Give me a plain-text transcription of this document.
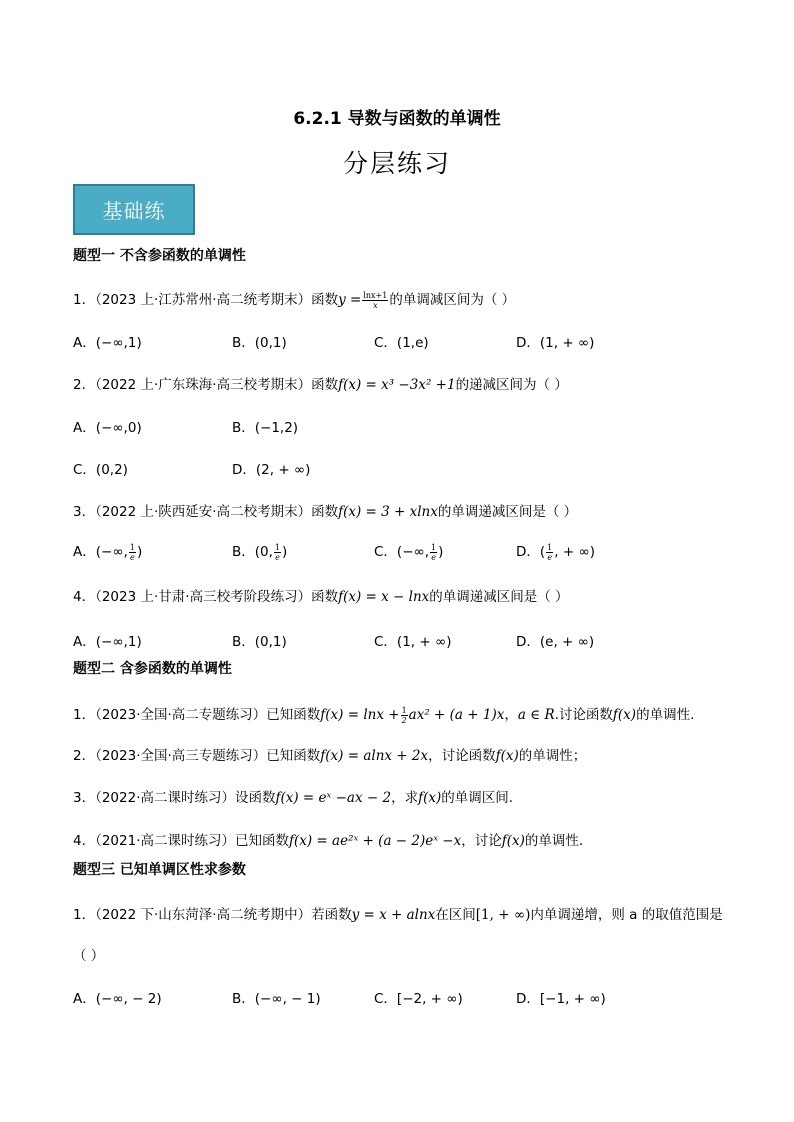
6.2.1 导数与函数的单调性
分层练习
基础练
题型一 不含参函数的单调性
1．（2023 上·江苏常州·高二统考期末）函数$y = \frac{\ln x+1}{x}$ 的单调减区间为（ ）
A．(−∞,1)	B．(0,1)	C．(1,e)	D．(1, + ∞)
2．（2022 上·广东珠海·高三校考期末）函数f(x) = x³ −3x² +1的递减区间为（ ）
A．(−∞,0)	B．(−1,2)
C．(0,2)	D．(2, + ∞)
3．（2022 上·陕西延安·高二校考期末）函数f(x) = 3 + xlnx的单调递减区间是（ ）
A．(−∞, $\frac{1}{e}$ )	B．(0, $\frac{1}{e}$ )	C．(−∞, $\frac{1}{e}$ )	D．( $\frac{1}{e}$ , + ∞)
4．（2023 上·甘肃·高三校考阶段练习）函数f(x) = x − lnx的单调递减区间是（ ）
A．(−∞,1)	B．(0,1)	C．(1, + ∞)	D．(e, + ∞)
题型二 含参函数的单调性
1．（2023·全国·高二专题练习）已知函数$f(x) = \ln x + \frac{1}{2} ax^2 + (a + 1)x$，a ∈ R.讨论函数f(x)的单调性.
2．（2023·全国·高三专题练习）已知函数f(x) = alnx + 2x，讨论函数f(x)的单调性；
3．（2022·高二课时练习）设函数f(x) = eˣ −ax − 2，求f(x)的单调区间.
4．（2021·高二课时练习）已知函数f(x) = ae²ˣ + (a − 2)eˣ −x，讨论f(x)的单调性.
题型三 已知单调区性求参数
1．（2022 下·山东菏泽·高二统考期中）若函数y = x + alnx在区间[1, + ∞)内单调递增，则 a 的取值范围是
（ ）
A．(−∞, − 2)	B．(−∞, − 1)	C．[−2, + ∞)	D．[−1, + ∞)
